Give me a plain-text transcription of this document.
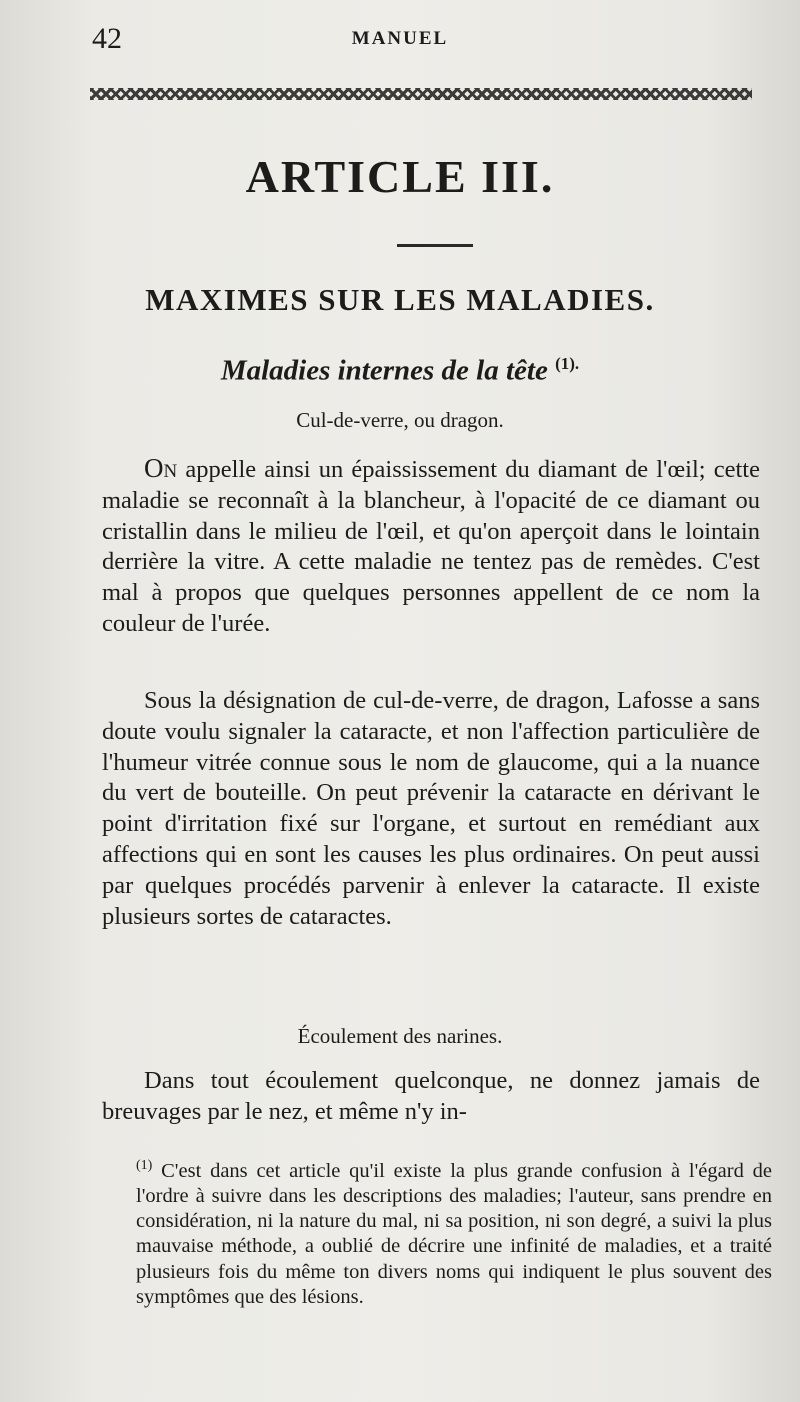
42	MANUEL
ARTICLE III.
MAXIMES SUR LES MALADIES.
Maladies internes de la tête $^{(1).}$
Cul-de-verre, ou dragon.

On appelle ainsi un épaississement du diamant de l'œil; cette maladie se reconnaît à la blancheur, à l'opacité de ce diamant ou cristallin dans le milieu de l'œil, et qu'on aperçoit dans le lointain derrière la vitre. A cette maladie ne tentez pas de remèdes. C'est mal à propos que quelques personnes appellent de ce nom la couleur de l'urée.

Sous la désignation de cul-de-verre, de dragon, Lafosse a sans doute voulu signaler la cataracte, et non l'affection particulière de l'humeur vitrée connue sous le nom de glaucome, qui a la nuance du vert de bouteille. On peut prévenir la cataracte en dérivant le point d'irritation fixé sur l'organe, et surtout en remédiant aux affections qui en sont les causes les plus ordinaires. On peut aussi par quelques procédés parvenir à enlever la cataracte. Il existe plusieurs sortes de cataractes.

Écoulement des narines.

Dans tout écoulement quelconque, ne donnez jamais de breuvages par le nez, et même n'y in-

$^{(1)}$ C'est dans cet article qu'il existe la plus grande confusion à l'égard de l'ordre à suivre dans les descriptions des maladies; l'auteur, sans prendre en considération, ni la nature du mal, ni sa position, ni son degré, a suivi la plus mauvaise méthode, a oublié de décrire une infinité de maladies, et a traité plusieurs fois du même ton divers noms qui indiquent le plus souvent des symptômes que des lésions.
